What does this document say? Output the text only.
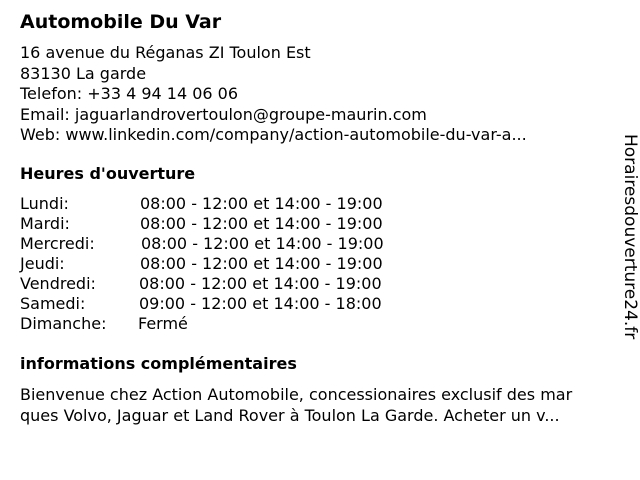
Automobile Du Var
16 avenue du Réganas ZI Toulon Est
83130 La garde
Telefon: +33 4 94 14 06 06
Email: jaguarlandrovertoulon@groupe-maurin.com
Web: www.linkedin.com/company/action-automobile-du-var-a...
Heures d'ouverture
Lundi:	08:00 - 12:00 et 14:00 - 19:00
Mardi:	08:00 - 12:00 et 14:00 - 19:00
Mercredi:	08:00 - 12:00 et 14:00 - 19:00
Jeudi:	08:00 - 12:00 et 14:00 - 19:00
Vendredi:	08:00 - 12:00 et 14:00 - 19:00
Samedi:	09:00 - 12:00 et 14:00 - 18:00
Dimanche: Fermé
informations complémentaires
Bienvenue chez Action Automobile, concessionaires exclusif des mar
ques Volvo, Jaguar et Land Rover à Toulon La Garde. Acheter un v...
Horairesdouverture24.fr
